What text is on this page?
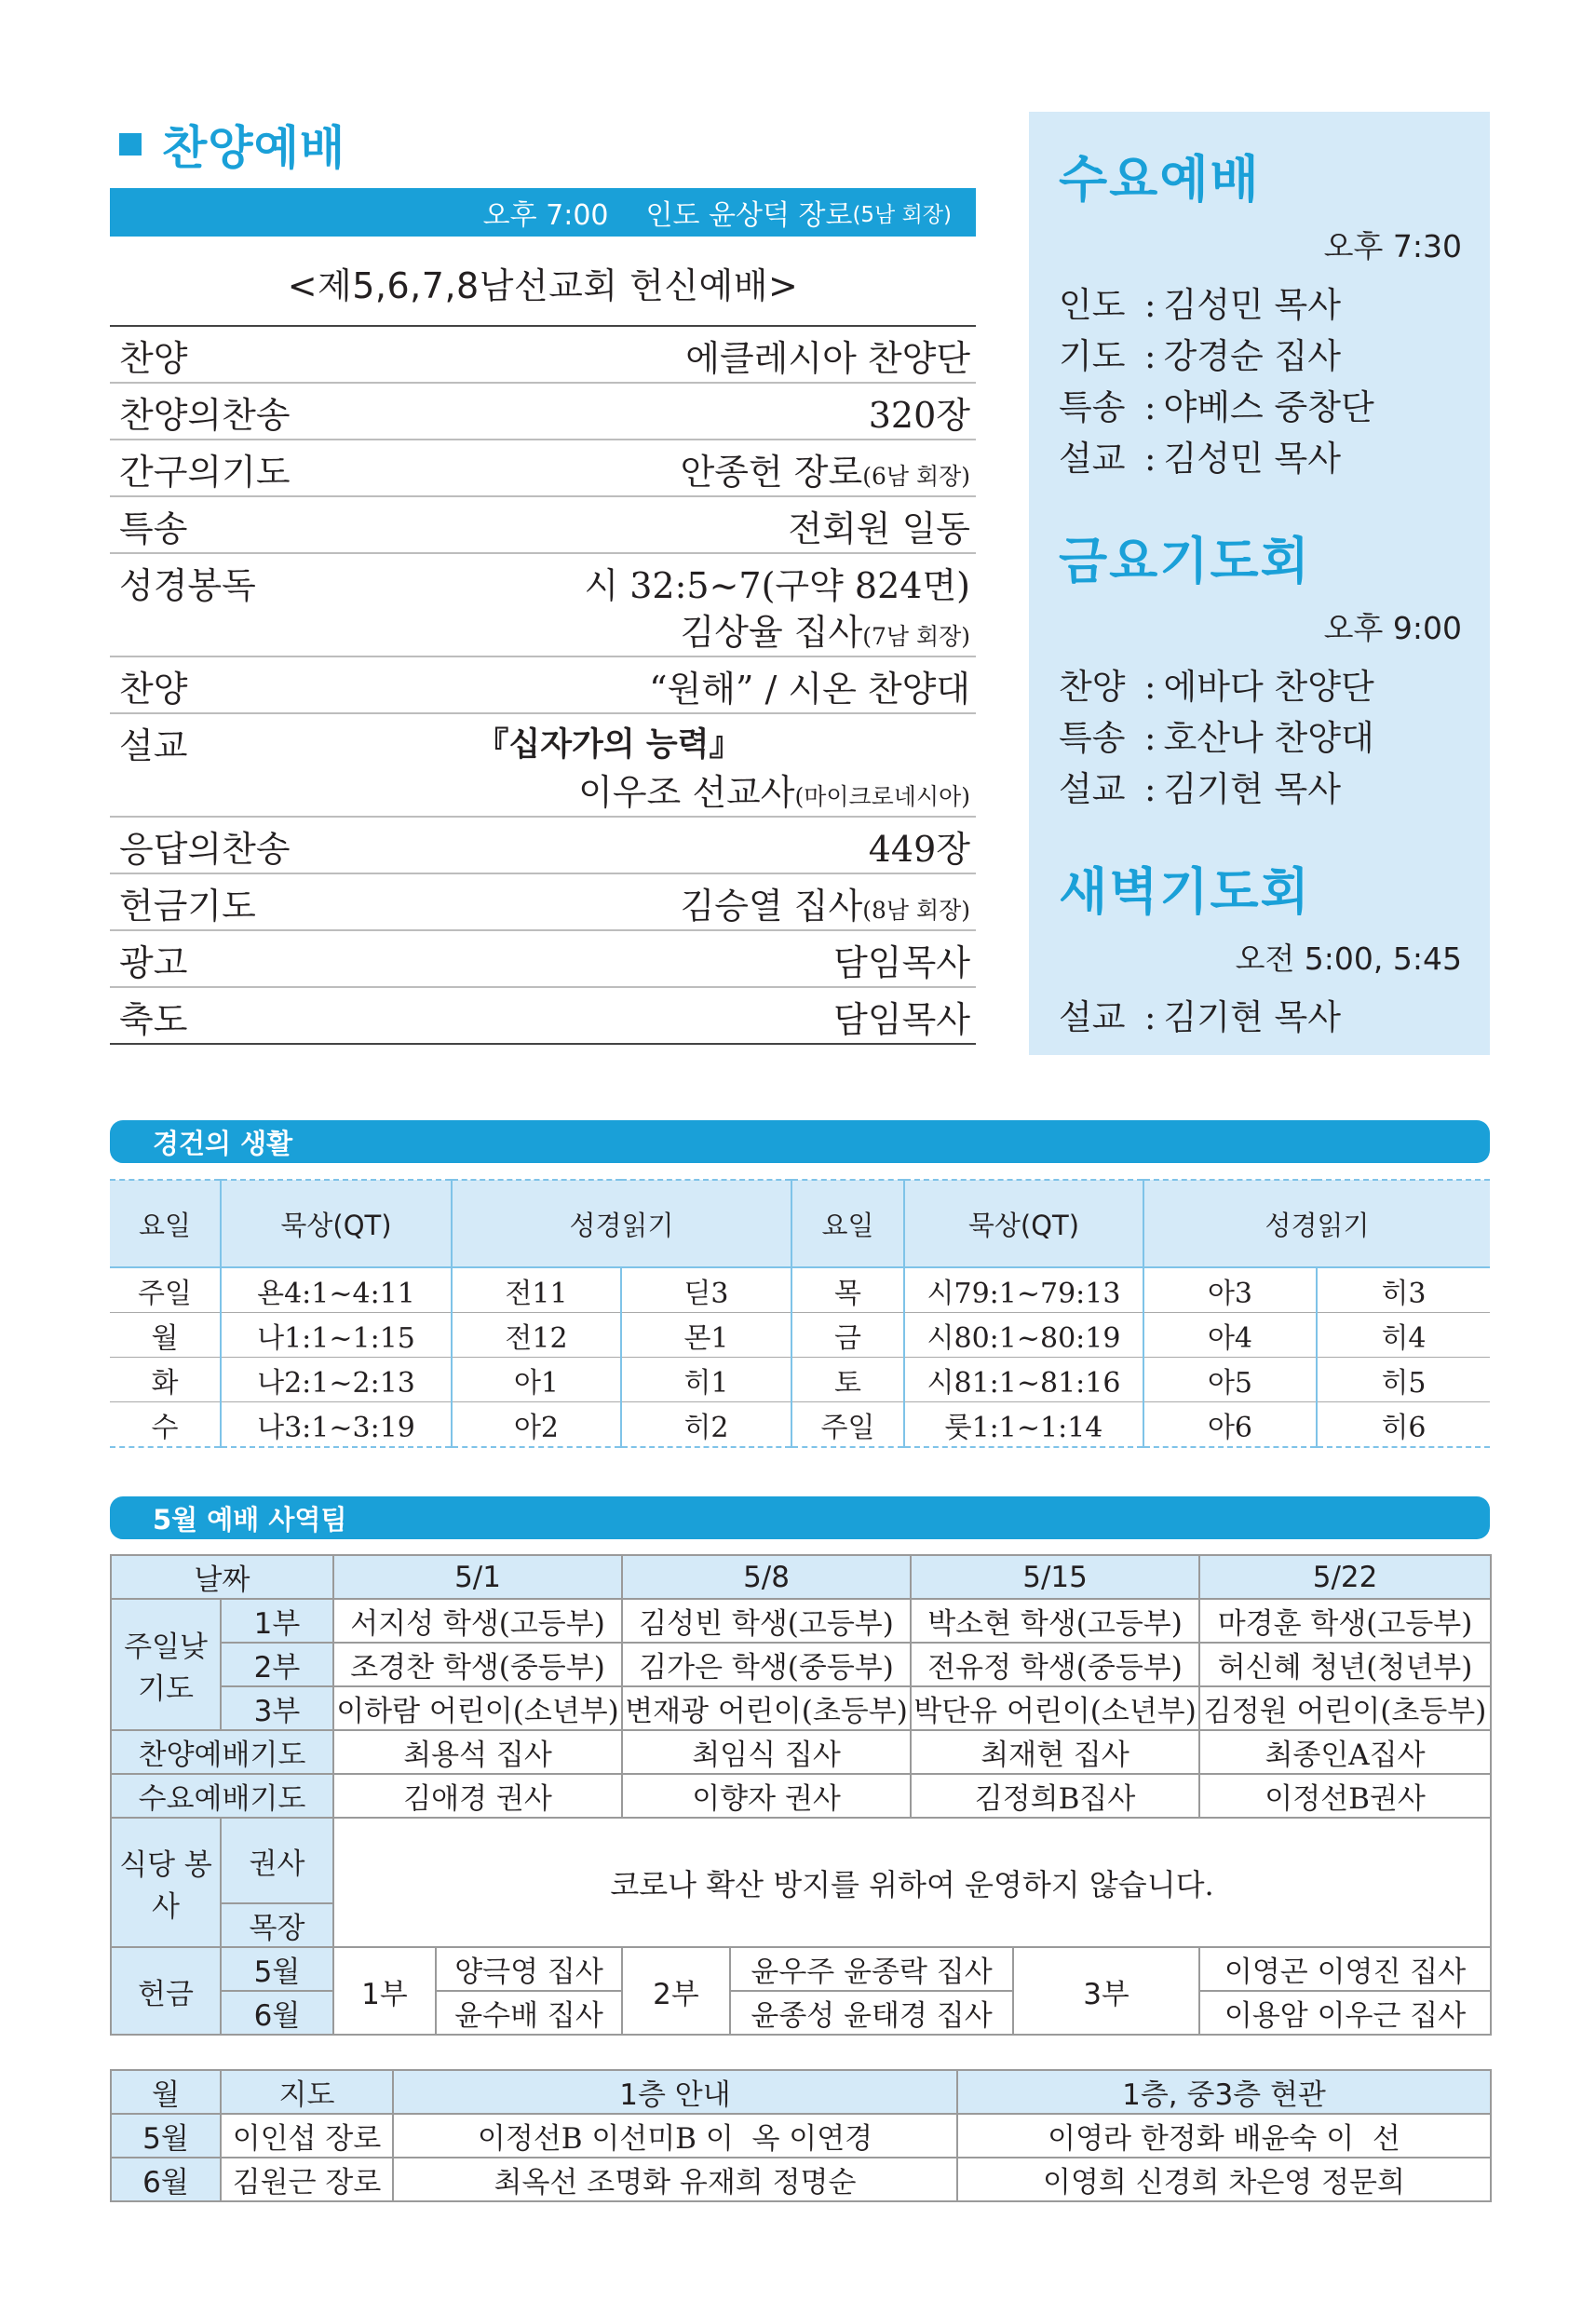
찬양예배
오후 7:00 인도
윤상덕 장로 (5남 회장)
<제5,6,7,8남선교회 헌신예배>
찬양	에클레시아 찬양단
찬양의찬송	320장
간구의기도	안종헌 장로(6남 회장)
특송	전회원 일동
성경봉독	시 32:5~7(구약 824면)
김상율 집사(7남 회장)
찬양	“원해” / 시온 찬양대
설교	『십자가의 능력』
이우조 선교사(마이크로네시아)
응답의찬송	449장
헌금기도	김승열 집사(8남 회장)
광고	담임목사
축도	담임목사
수요예배
오후 7:30
인도 : 김성민 목사
기도 : 강경순 집사
특송 : 야베스 중창단
설교 : 김성민 목사
금요기도회
오후 9:00
찬양 : 에바다 찬양단
특송 : 호산나 찬양대
설교 : 김기현 목사
새벽기도회
오전 5:00, 5:45
설교 : 김기현 목사
경건의 생활
요일	묵상(QT)	성경읽기		요일	묵상(QT)	성경읽기	
주일	욘4:1~4:11	전11	딛3	목	시79:1~79:13	아3	히3
월	나1:1~1:15	전12	몬1	금	시80:1~80:19	아4	히4
화	나2:1~2:13	아1	히1	토	시81:1~81:16	아5	히5
수	나3:1~3:19	아2	히2	주일	룻1:1~1:14	아6	히6
5월 예배 사역팀
날짜		5/1		5/8		5/15		5/22
주일낮 기도	1부	서지성 학생(고등부)		김성빈 학생(고등부)		박소현 학생(고등부)		마경훈 학생(고등부)
	2부	조경찬 학생(중등부)		김가은 학생(중등부)		전유정 학생(중등부)		허신혜 청년(청년부)
	3부	이하람 어린이(소년부)		변재광 어린이(초등부)		박단유 어린이(소년부)		김정원 어린이(초등부)
찬양예배기도		최용석 집사		최임식 집사		최재현 집사		최종인A집사
수요예배기도		김애경 권사		이향자 권사		김정희B집사		이정선B권사
식당 봉사	권사	코로나 확산 방지를 위하여 운영하지 않습니다.						
	목장							
헌금	5월	1부	양극영 집사	2부	윤우주 윤종락 집사		3부	이영곤 이영진 집사
	6월		윤수배 집사		윤종성 윤태경 집사			이용암 이우근 집사
월	지도	1층 안내	1층, 중3층 현관
5월	이인섭 장로	이정선B 이선미B 이  옥 이연경	이영라 한정화 배윤숙 이  선
6월	김원근 장로	최옥선 조명화 유재희 정명순	이영희 신경희 차은영 정문희
